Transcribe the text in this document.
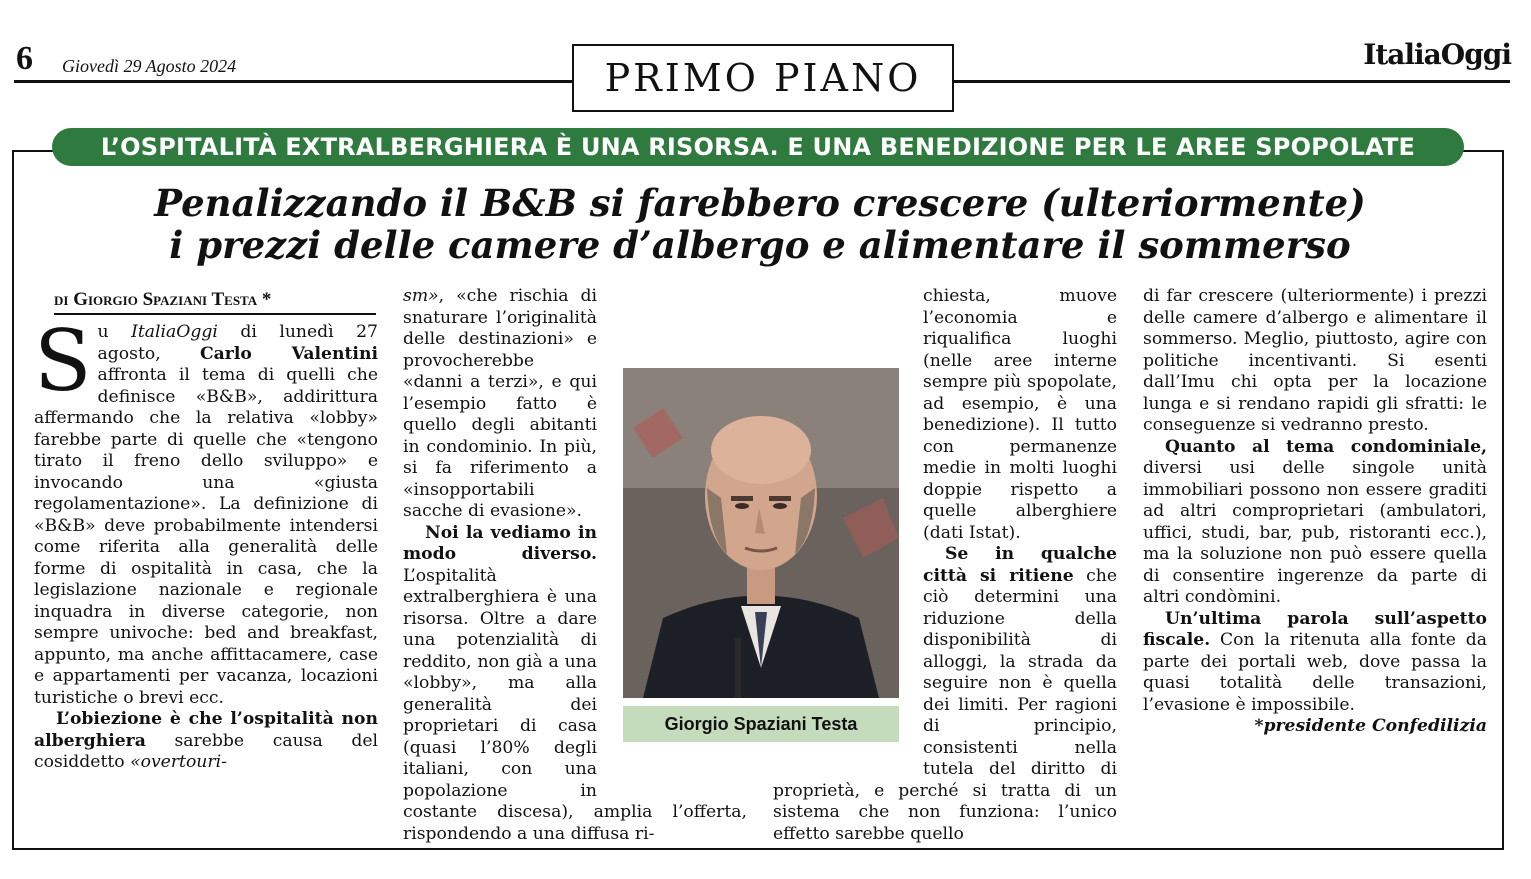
6 Giovedì 29 Agosto 2024	ItaliaOggi
PRIMO PIANO
L’OSPITALITÀ EXTRALBERGHIERA È UNA RISORSA. E UNA BENEDIZIONE PER LE AREE SPOPOLATE
Penalizzando il B&B si farebbero crescere (ulteriormente)
i prezzi delle camere d’albergo e alimentare il sommerso
di Giorgio Spaziani Testa *

Su ItaliaOggi di lunedì 27 agosto, Carlo Valentini affronta il tema di quelli che definisce «B&B», addirittura affermando che la relativa «lobby» farebbe parte di quelle che «tengono tirato il freno dello sviluppo» e invocando una «giusta regolamentazione». La definizione di «B&B» deve probabilmente intendersi come riferita alla generalità delle forme di ospitalità in casa, che la legislazione nazionale e regionale inquadra in diverse categorie, non sempre univoche: bed and breakfast, appunto, ma anche affittacamere, case e appartamenti per vacanza, locazioni turistiche o brevi ecc.

L’obiezione è che l’ospitalità non alberghiera sarebbe causa del cosiddetto «overtouri-

sm», «che rischia di snaturare l’originalità delle destinazioni» e provocherebbe «danni a terzi», e qui l’esempio fatto è quello degli abitanti in condominio. In più, si fa riferimento a «insopportabili sacche di evasione».

Noi la vediamo in modo diverso. L’ospitalità extralberghiera è una risorsa. Oltre a dare una potenzialità di reddito, non già a una «lobby», ma alla generalità dei proprietari di casa (quasi l’80% degli italiani, con una popolazione in costante discesa), amplia l’offerta, rispondendo a una diffusa ri-

chiesta, muove l’economia e riqualifica luoghi (nelle aree interne sempre più spopolate, ad esempio, è una benedizione). Il tutto con permanenze medie in molti luoghi doppie rispetto a quelle alberghiere (dati Istat).

Se in qualche città si ritiene che ciò determini una riduzione della disponibilità di alloggi, la strada da seguire non è quella dei limiti. Per ragioni di principio, consistenti nella tutela del diritto di proprietà, e perché si tratta di un sistema che non funziona: l’unico effetto sarebbe quello

di far crescere (ulteriormente) i prezzi delle camere d’albergo e alimentare il sommerso. Meglio, piuttosto, agire con politiche incentivanti. Si esenti dall’Imu chi opta per la locazione lunga e si rendano rapidi gli sfratti: le conseguenze si vedranno presto.

Quanto al tema condominiale, diversi usi delle singole unità immobiliari possono non essere graditi ad altri comproprietari (ambulatori, uffici, studi, bar, pub, ristoranti ecc.), ma la soluzione non può essere quella di consentire ingerenze da parte di altri condòmini.

Un’ultima parola sull’aspetto fiscale. Con la ritenuta alla fonte da parte dei portali web, dove passa la quasi totalità delle transazioni, l’evasione è impossibile.

*presidente Confedilizia

Giorgio Spaziani Testa
